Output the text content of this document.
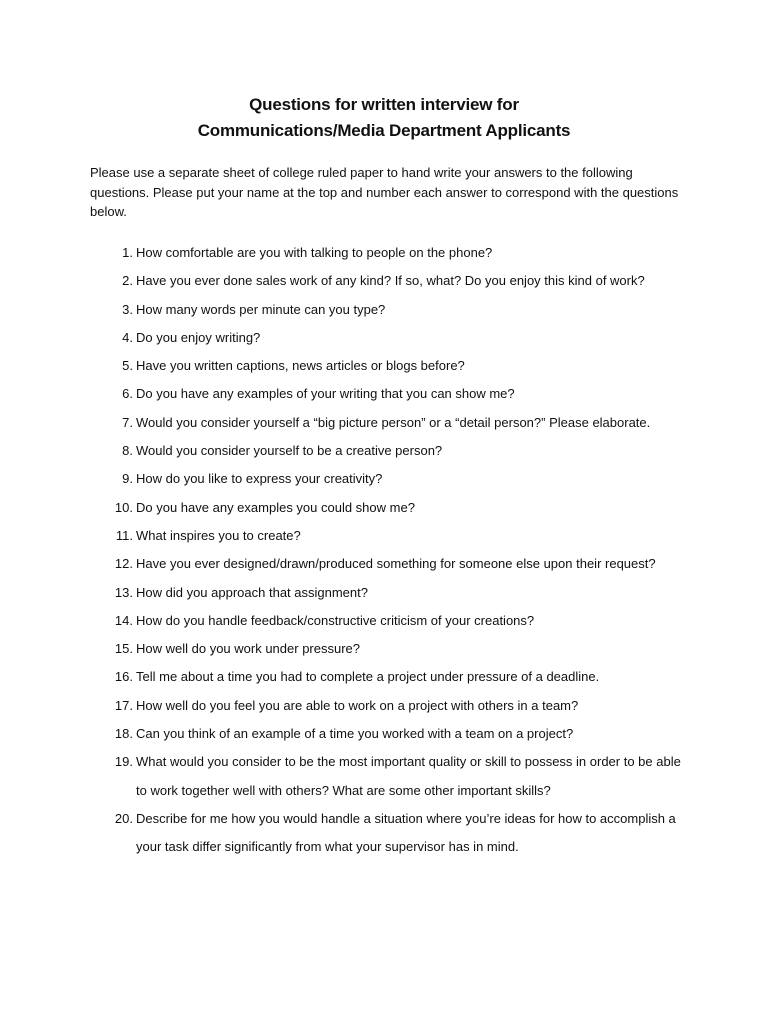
Questions for written interview for
Communications/Media Department Applicants

Please use a separate sheet of college ruled paper to hand write your answers to the following questions. Please put your name at the top and number each answer to correspond with the questions below.

1. How comfortable are you with talking to people on the phone?
2. Have you ever done sales work of any kind? If so, what? Do you enjoy this kind of work?
3. How many words per minute can you type?
4. Do you enjoy writing?
5. Have you written captions, news articles or blogs before?
6. Do you have any examples of your writing that you can show me?
7. Would you consider yourself a “big picture person” or a “detail person?” Please elaborate.
8. Would you consider yourself to be a creative person?
9. How do you like to express your creativity?
10. Do you have any examples you could show me?
11. What inspires you to create?
12. Have you ever designed/drawn/produced something for someone else upon their request?
13. How did you approach that assignment?
14. How do you handle feedback/constructive criticism of your creations?
15. How well do you work under pressure?
16. Tell me about a time you had to complete a project under pressure of a deadline.
17. How well do you feel you are able to work on a project with others in a team?
18. Can you think of an example of a time you worked with a team on a project?
19. What would you consider to be the most important quality or skill to possess in order to be able to work together well with others? What are some other important skills?
20. Describe for me how you would handle a situation where you’re ideas for how to accomplish a your task differ significantly from what your supervisor has in mind.
